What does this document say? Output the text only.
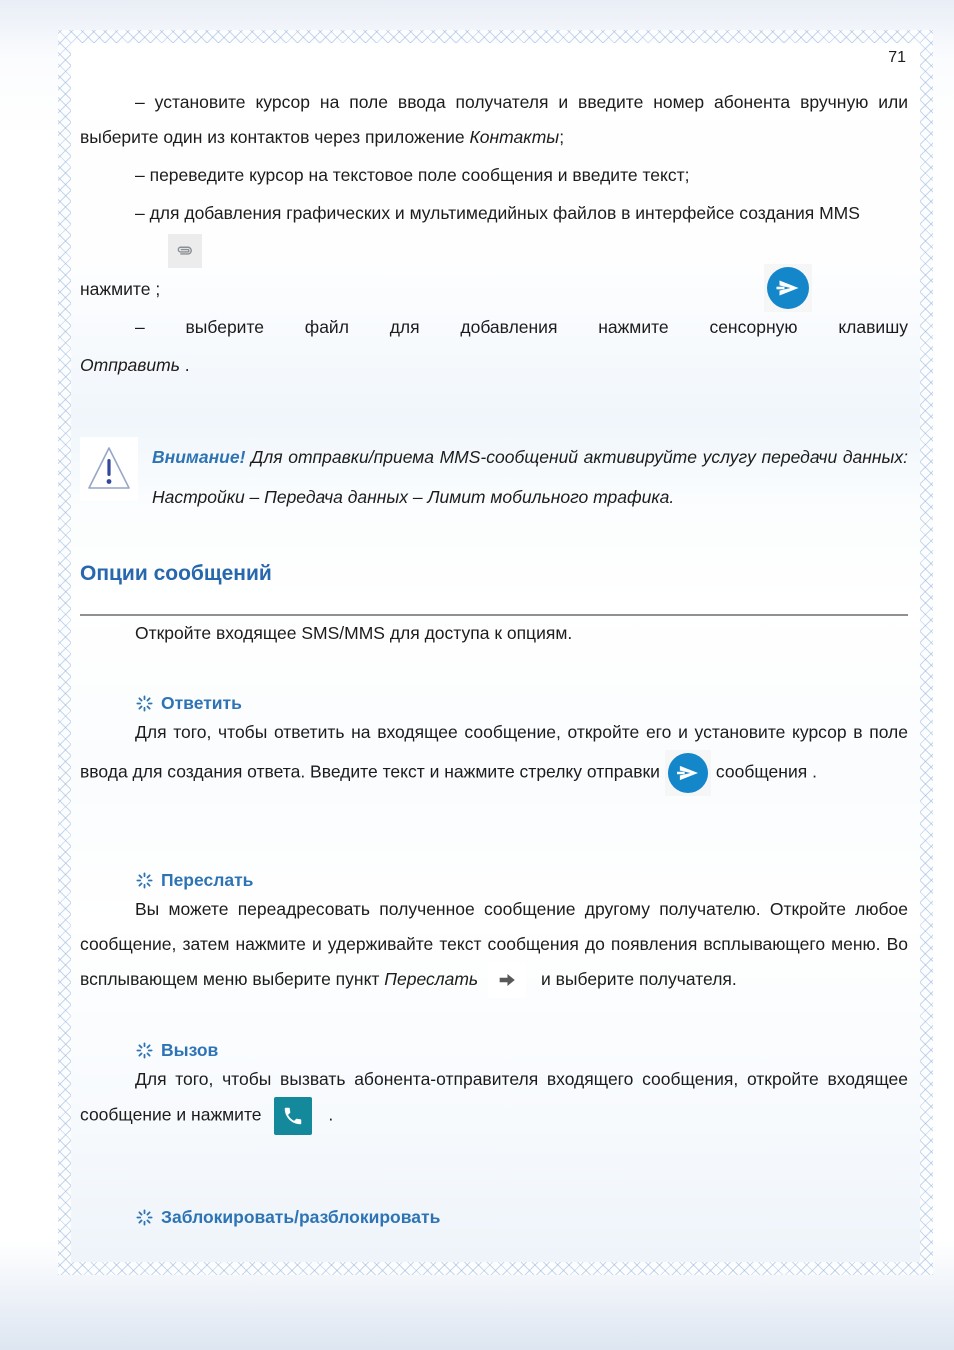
71

– установите курсор на поле ввода получателя и введите номер абонента вручную или выберите один из контактов через приложение Контакты;

– переведите курсор на текстовое поле сообщения и введите текст;

– для добавления графических и мультимедийных файлов в интерфейсе создания MMS

нажмите ;

– выберите файл для добавления нажмите сенсорную клавишу

Отправить .

Внимание! Для отправки/приема MMS-сообщений активируйте услугу передачи данных: Настройки – Передача данных – Лимит мобильного трафика.

Опции сообщений

Откройте входящее SMS/MMS для доступа к опциям.

Ответить

Для того, чтобы ответить на входящее сообщение, откройте его и установите курсор в поле ввода для создания ответа. Введите текст и нажмите стрелку отправки	сообщения .

Переслать

Вы можете переадресовать полученное сообщение другому получателю. Откройте любое сообщение, затем нажмите и удерживайте текст сообщения до появления всплывающего меню. Во всплывающем меню выберите пункт Переслать	и выберите получателя.

Вызов

Для того, чтобы вызвать абонента-отправителя входящего сообщения, откройте входящее сообщение и нажмите	.

Заблокировать/разблокировать
